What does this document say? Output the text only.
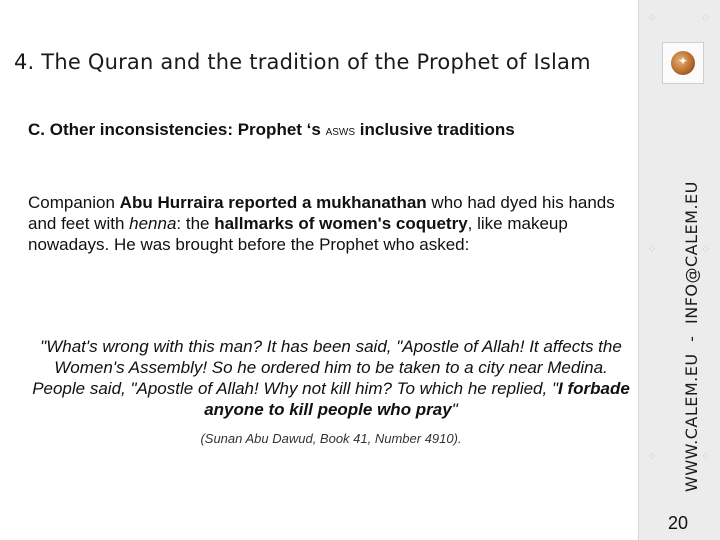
⁘	⁘
⁘	⁘
⁘	⁘
✦
WWW.CALEM.EU - INFO@CALEM.EU
20
4. The Quran and the tradition of the Prophet of Islam
C. Other inconsistencies: Prophet ‘s ASWS inclusive traditions
Companion Abu Hurraira reported a mukhanathan who had dyed his hands and feet with henna: the hallmarks of women's coquetry, like makeup nowadays. He was brought before the Prophet who asked:
"What's wrong with this man? It has been said, "Apostle of Allah! It affects the Women's Assembly! So he ordered him to be taken to a city near Medina. People said, "Apostle of Allah! Why not kill him? To which he replied, "I forbade anyone to kill people who pray"
(Sunan Abu Dawud, Book 41, Number 4910).
